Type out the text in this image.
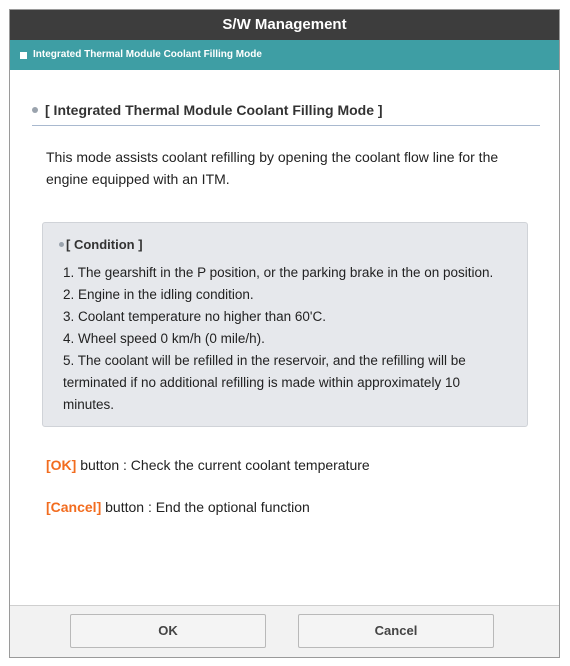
S/W Management
Integrated Thermal Module Coolant Filling Mode
[ Integrated Thermal Module Coolant Filling Mode ]
This mode assists coolant refilling by opening the coolant flow line for the engine equipped with an ITM.
[ Condition ]
1. The gearshift in the P position, or the parking brake in the on position.
2. Engine in the idling condition.
3. Coolant temperature no higher than 60'C.
4. Wheel speed 0 km/h (0 mile/h).
5. The coolant will be refilled in the reservoir, and the refilling will be terminated if no additional refilling is made within approximately 10 minutes.
[OK] button : Check the current coolant temperature
[Cancel] button : End the optional function
OK	Cancel
